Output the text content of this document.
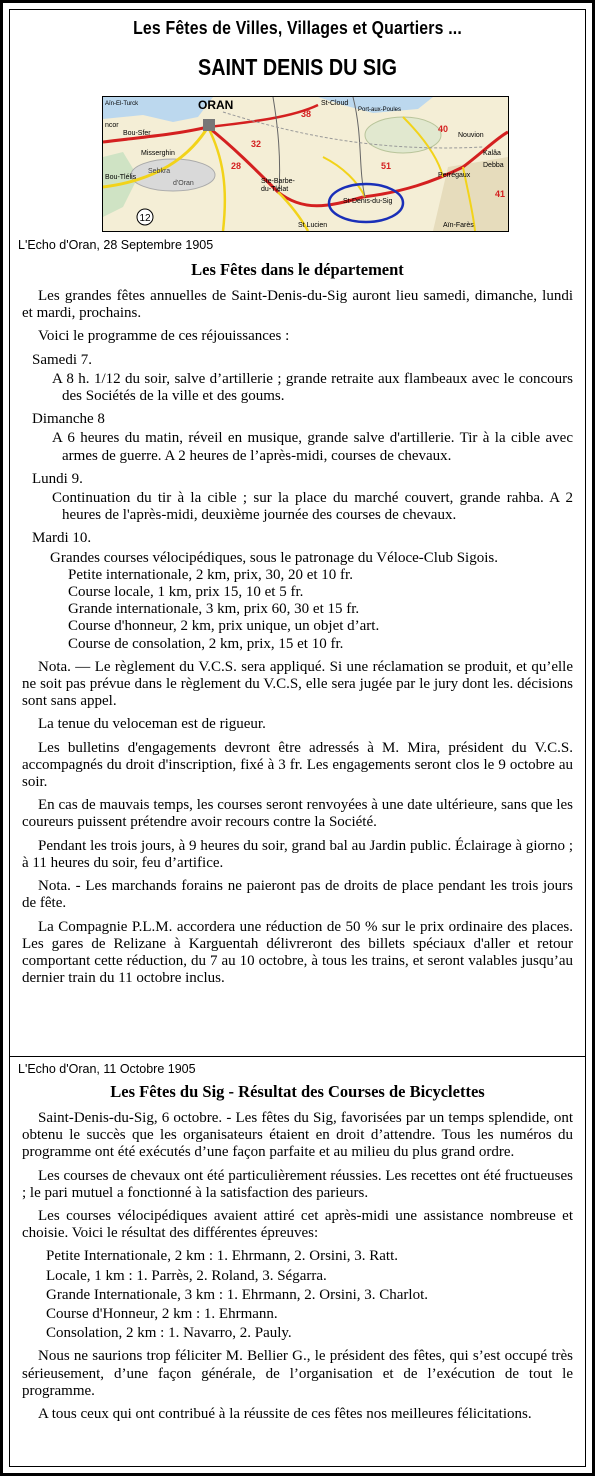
Les Fêtes de Villes, Villages et Quartiers ...
SAINT DENIS DU SIG
12
ORAN
Aïn-El-Turck
ncor
Bou-Sfer
Misserghin
Bou-Tlélis
Sebkra
d'Oran	Ste-Barbe-
du-Tlélat
St-Cloud
Port-aux-Poules
St Lucien
St-Denis-du-Sig
Perrégaux
Nouvion
Aïn-Farès
Debba
Kalâa
38
32
28	51
40
41
L'Echo d'Oran, 28 Septembre 1905
Les Fêtes dans le département

Les grandes fêtes annuelles de Saint-Denis-du-Sig auront lieu samedi, dimanche, lundi et mardi, prochains.

Voici le programme de ces réjouissances :

Samedi 7.

A 8 h. 1/12 du soir, salve d’artillerie ; grande retraite aux flambeaux avec le concours des Sociétés de la ville et des goums.

Dimanche 8

A 6 heures du matin, réveil en musique, grande salve d'artillerie. Tir à la cible avec armes de guerre. A 2 heures de l’après-midi, courses de chevaux.

Lundi 9.

Continuation du tir à la cible ; sur la place du marché couvert, grande rahba. A 2 heures de l'après-midi, deuxième journée des courses de chevaux.

Mardi 10.

Grandes courses vélocipédiques, sous le patronage du Véloce-Club Sigois.

Petite internationale, 2 km, prix, 30, 20 et 10 fr.

Course locale, 1 km, prix 15, 10 et 5 fr.

Grande internationale, 3 km, prix 60, 30 et 15 fr.

Course d'honneur, 2 km, prix unique, un objet d’art.

Course de consolation, 2 km, prix, 15 et 10 fr.

Nota. — Le règlement du V.C.S. sera appliqué. Si une réclamation se produit, et qu’elle ne soit pas prévue dans le règlement du V.C.S, elle sera jugée par le jury dont les. décisions sont sans appel.

La tenue du veloceman est de rigueur.

Les bulletins d'engagements devront être adressés à M. Mira, président du V.C.S. accompagnés du droit d'inscription, fixé à 3 fr. Les engagements seront clos le 9 octobre au soir.

En cas de mauvais temps, les courses seront renvoyées à une date ultérieure, sans que les coureurs puissent prétendre avoir recours contre la Société.

Pendant les trois jours, à 9 heures du soir, grand bal au Jardin public. Éclairage à giorno ; à 11 heures du soir, feu d’artifice.

Nota. - Les marchands forains ne paieront pas de droits de place pendant les trois jours de fête.

La Compagnie P.L.M. accordera une réduction de 50 % sur le prix ordinaire des places. Les gares de Relizane à Karguentah délivreront des billets spéciaux d'aller et retour comportant cette réduction, du 7 au 10 octobre, à tous les trains, et seront valables jusqu’au dernier train du 11 octobre inclus.

L'Echo d'Oran, 11 Octobre 1905
Les Fêtes du Sig - Résultat des Courses de Bicyclettes

Saint-Denis-du-Sig, 6 octobre. - Les fêtes du Sig, favorisées par un temps splendide, ont obtenu le succès que les organisateurs étaient en droit d’attendre. Tous les numéros du programme ont été exécutés d’une façon parfaite et au milieu du plus grand ordre.

Les courses de chevaux ont été particulièrement réussies. Les recettes ont été fructueuses ; le pari mutuel a fonctionné à la satisfaction des parieurs.

Les courses vélocipédiques avaient attiré cet après-midi une assistance nombreuse et choisie. Voici le résultat des différentes épreuves:

Petite Internationale, 2 km : 1. Ehrmann, 2. Orsini, 3. Ratt.

Locale, 1 km : 1. Parrès, 2. Roland, 3. Ségarra.

Grande Internationale, 3 km : 1. Ehrmann, 2. Orsini, 3. Charlot.

Course d'Honneur, 2 km : 1. Ehrmann.

Consolation, 2 km : 1. Navarro, 2. Pauly.

Nous ne saurions trop féliciter M. Bellier G., le président des fêtes, qui s’est occupé très sérieusement, d’une façon générale, de l’organisation et de l’exécution de tout le programme.

A tous ceux qui ont contribué à la réussite de ces fêtes nos meilleures félicitations.
